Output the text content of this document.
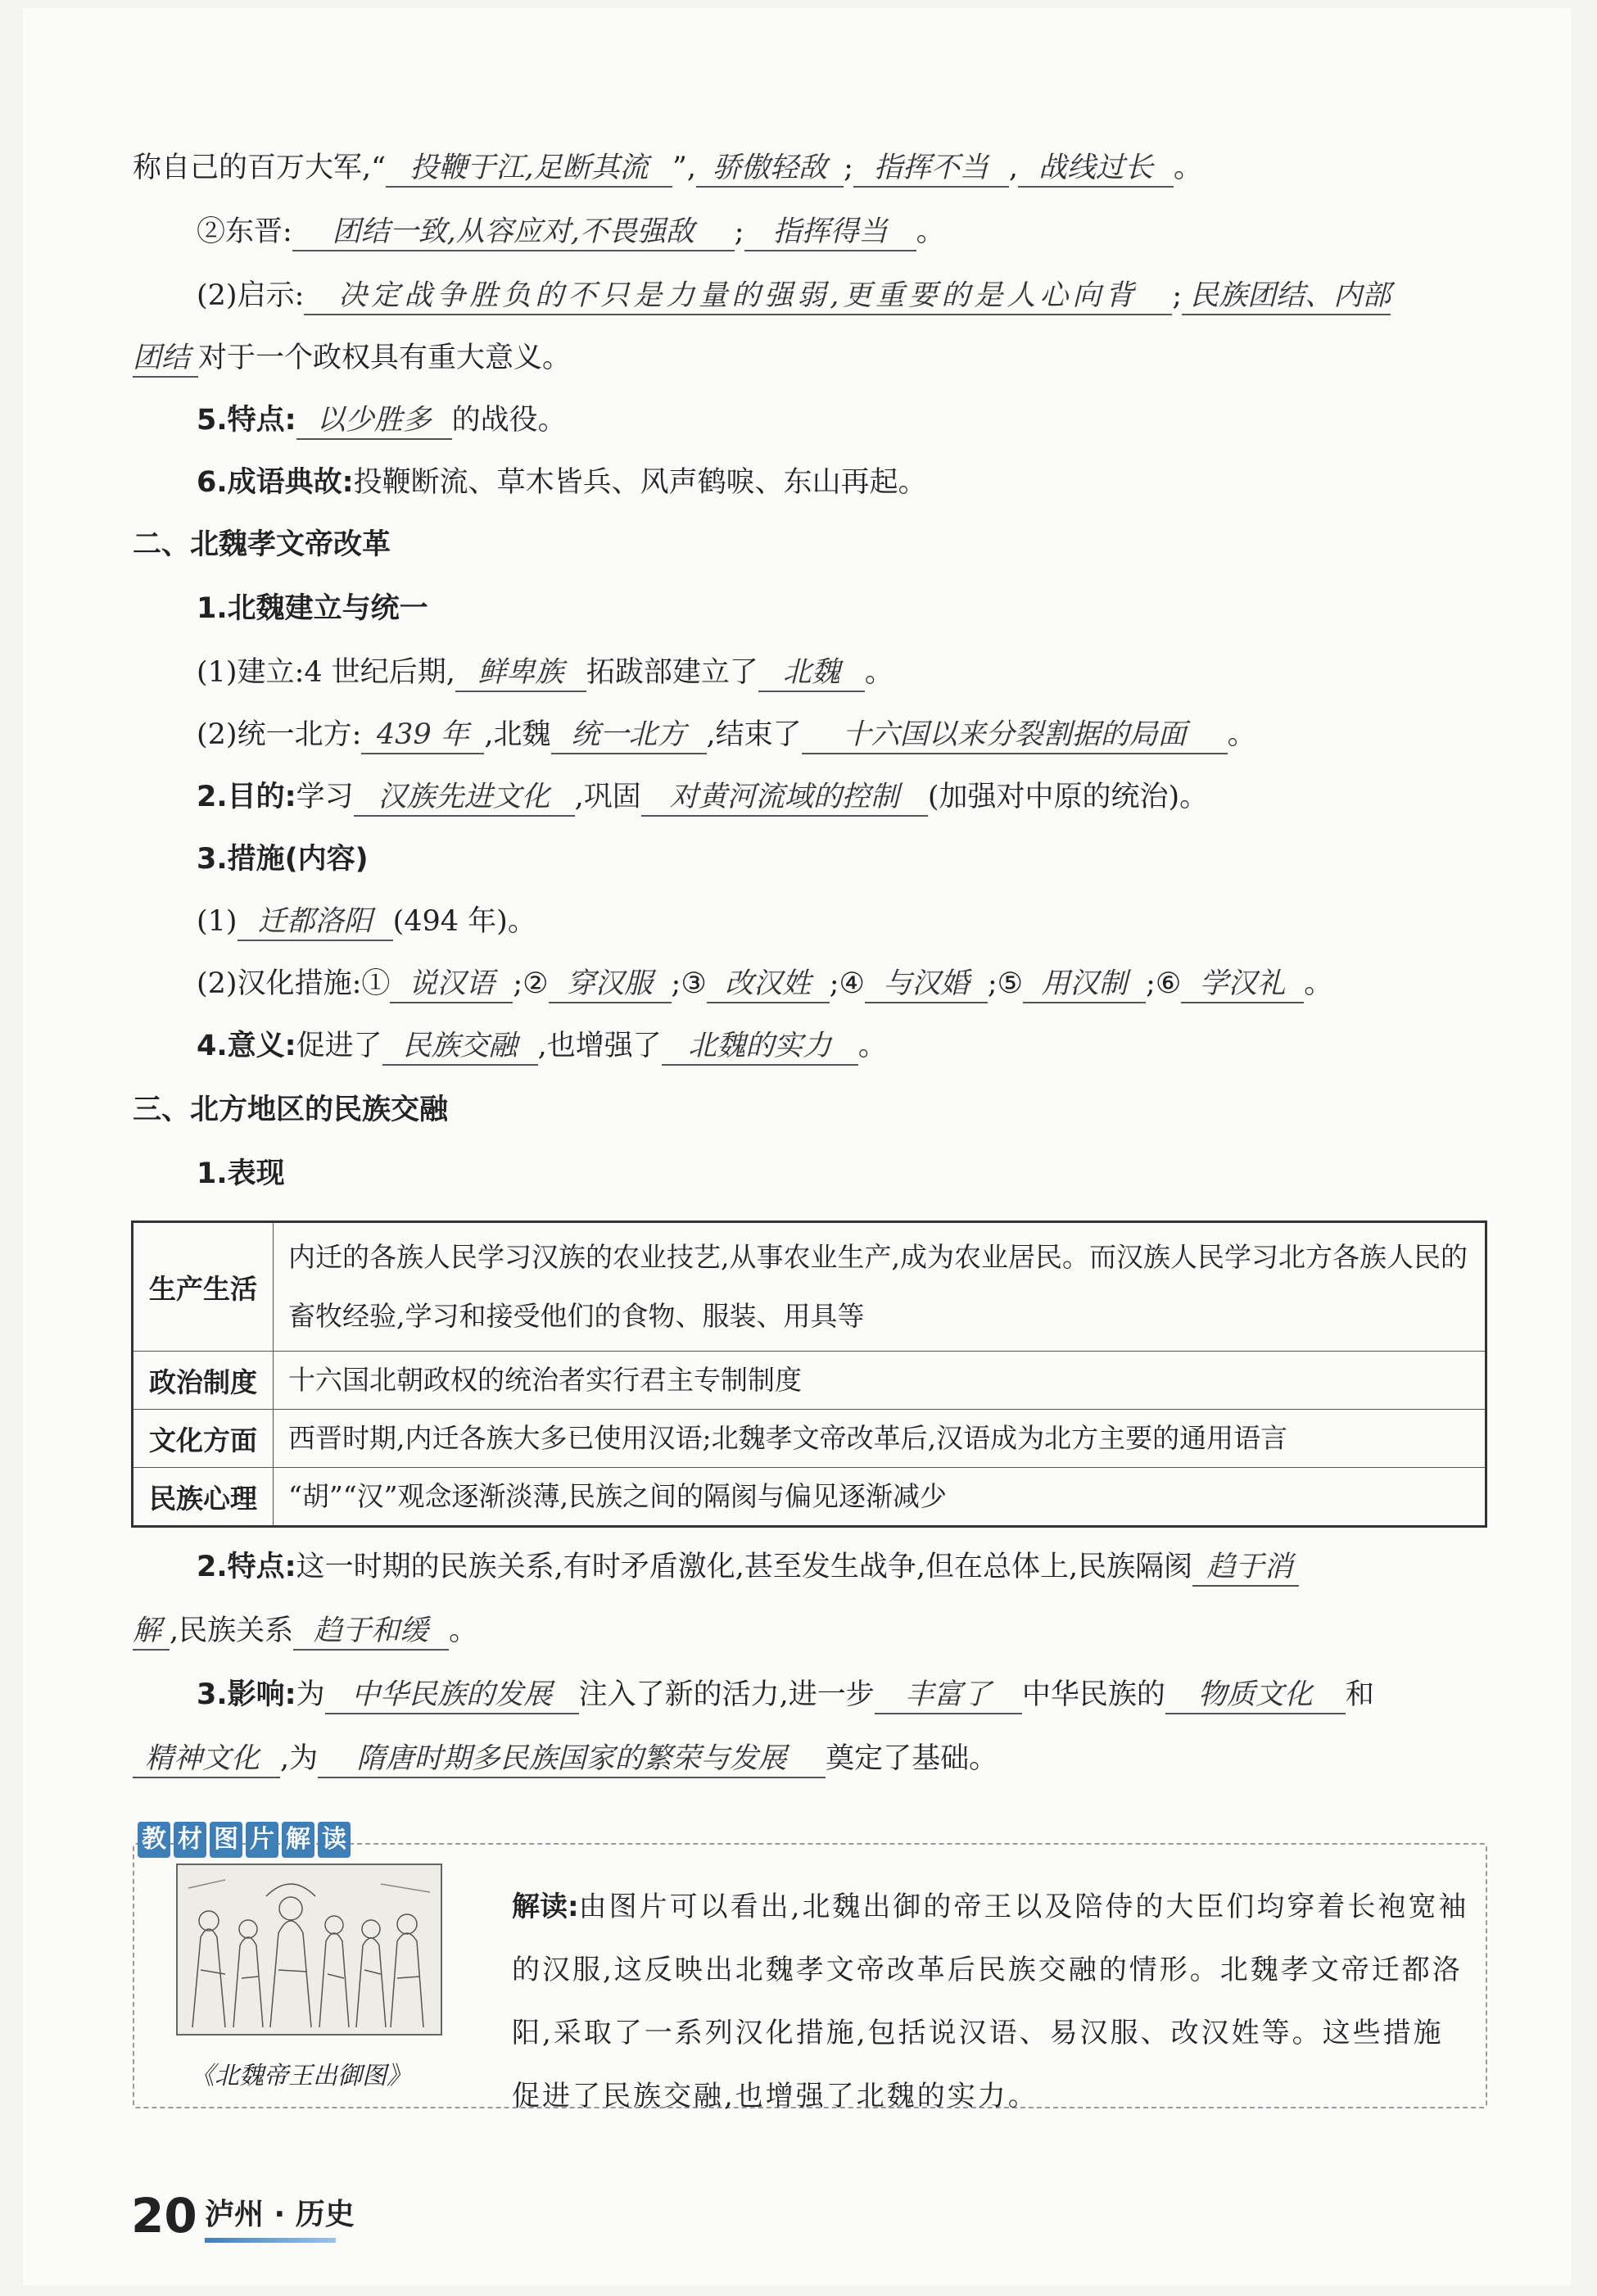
称自己的百万大军,“ 投鞭于江,足断其流 ”, 骄傲轻敌 ; 指挥不当 , 战线过长 。
②东晋: 团结一致,从容应对,不畏强敌 ; 指挥得当 。
(2)启示: 决定战争胜负的不只是力量的强弱,更重要的是人心向背 ; 民族团结、内部
团结 对于一个政权具有重大意义。
5.特点: 以少胜多 的战役。
6.成语典故:投鞭断流、草木皆兵、风声鹤唳、东山再起。
二、北魏孝文帝改革
1.北魏建立与统一
(1)建立:4 世纪后期, 鲜卑族 拓跋部建立了 北魏 。
(2)统一北方: 439 年 ,北魏 统一北方 ,结束了 十六国以来分裂割据的局面 。
2.目的:学习 汉族先进文化 ,巩固 对黄河流域的控制 (加强对中原的统治)。
3.措施(内容)
(1) 迁都洛阳 (494 年)。
(2)汉化措施:① 说汉语 ;② 穿汉服 ;③ 改汉姓 ;④ 与汉婚 ;⑤ 用汉制 ;⑥ 学汉礼 。
4.意义:促进了 民族交融 ,也增强了 北魏的实力 。
三、北方地区的民族交融
1.表现
生产生活	内迁的各族人民学习汉族的农业技艺,从事农业生产,成为农业居民。而汉族人民学习北方各族人民的畜牧经验,学习和接受他们的食物、服装、用具等
政治制度	十六国北朝政权的统治者实行君主专制制度
文化方面	西晋时期,内迁各族大多已使用汉语;北魏孝文帝改革后,汉语成为北方主要的通用语言
民族心理	“胡”“汉”观念逐渐淡薄,民族之间的隔阂与偏见逐渐减少
2.特点:这一时期的民族关系,有时矛盾激化,甚至发生战争,但在总体上,民族隔阂 趋于消
解 ,民族关系 趋于和缓 。
3.影响:为 中华民族的发展 注入了新的活力,进一步 丰富了 中华民族的 物质文化 和
精神文化 ,为 隋唐时期多民族国家的繁荣与发展 奠定了基础。
教 材 图 片 解 读
《北魏帝王出御图》
解读:由图片可以看出,北魏出御的帝王以及陪侍的大臣们均穿着长袍宽袖的汉服,这反映出北魏孝文帝改革后民族交融的情形。北魏孝文帝迁都洛阳,采取了一系列汉化措施,包括说汉语、易汉服、改汉姓等。这些措施促进了民族交融,也增强了北魏的实力。
20 泸州 · 历史
